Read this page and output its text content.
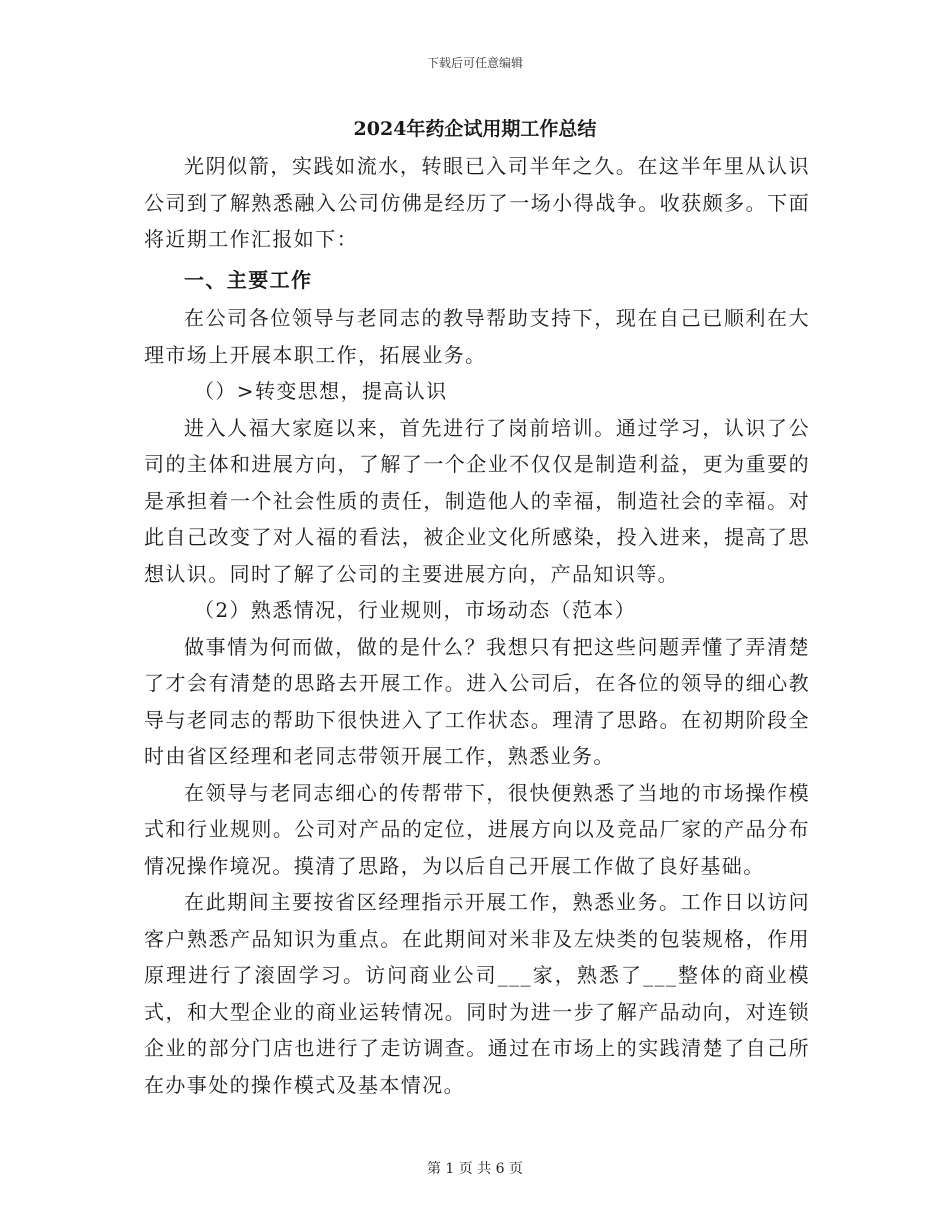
下载后可任意编辑
2024年药企试用期工作总结

光阴似箭，实践如流水，转眼已入司半年之久。在这半年里从认识公司到了解熟悉融入公司仿佛是经历了一场小得战争。收获颇多。下面将近期工作汇报如下：

一、主要工作

在公司各位领导与老同志的教导帮助支持下，现在自己已顺利在大理市场上开展本职工作，拓展业务。

（）>转变思想，提高认识

进入人福大家庭以来，首先进行了岗前培训。通过学习，认识了公司的主体和进展方向，了解了一个企业不仅仅是制造利益，更为重要的是承担着一个社会性质的责任，制造他人的幸福，制造社会的幸福。对此自己改变了对人福的看法，被企业文化所感染，投入进来，提高了思想认识。同时了解了公司的主要进展方向，产品知识等。

（2）熟悉情况，行业规则，市场动态（范本）

做事情为何而做，做的是什么？我想只有把这些问题弄懂了弄清楚了才会有清楚的思路去开展工作。进入公司后，在各位的领导的细心教导与老同志的帮助下很快进入了工作状态。理清了思路。在初期阶段全时由省区经理和老同志带领开展工作，熟悉业务。

在领导与老同志细心的传帮带下，很快便熟悉了当地的市场操作模式和行业规则。公司对产品的定位，进展方向以及竞品厂家的产品分布情况操作境况。摸清了思路，为以后自己开展工作做了良好基础。

在此期间主要按省区经理指示开展工作，熟悉业务。工作日以访问客户熟悉产品知识为重点。在此期间对米非及左炔类的包装规格，作用原理进行了滚固学习。访问商业公司___家，熟悉了___整体的商业模式，和大型企业的商业运转情况。同时为进一步了解产品动向，对连锁企业的部分门店也进行了走访调查。通过在市场上的实践清楚了自己所在办事处的操作模式及基本情况。

第 1 页 共 6 页
